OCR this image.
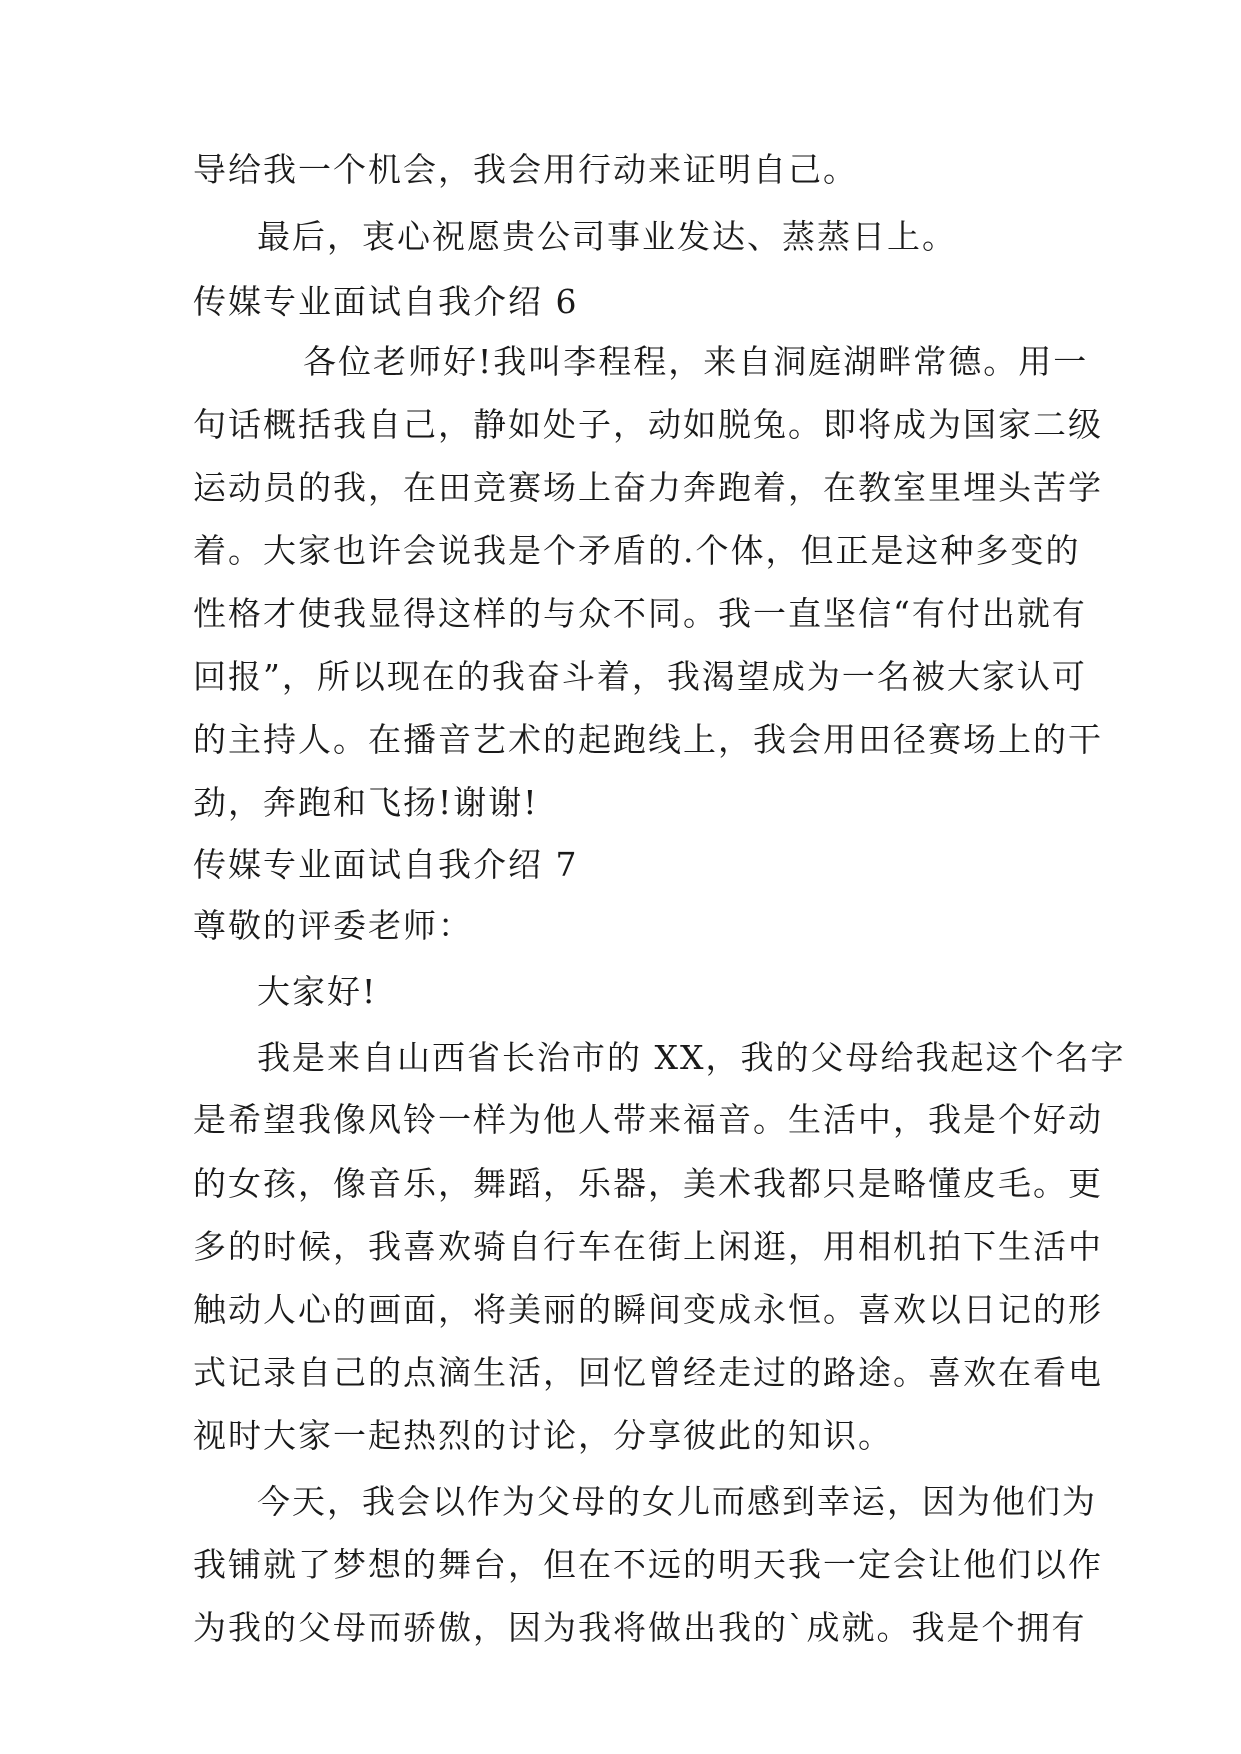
导给我一个机会，我会用行动来证明自己。
最后，衷心祝愿贵公司事业发达、蒸蒸日上。
传媒专业面试自我介绍 6
各位老师好!我叫李程程，来自洞庭湖畔常德。用一
句话概括我自己，静如处子，动如脱兔。即将成为国家二级
运动员的我，在田竞赛场上奋力奔跑着，在教室里埋头苦学
着。大家也许会说我是个矛盾的.个体，但正是这种多变的
性格才使我显得这样的与众不同。我一直坚信“有付出就有
回报”，所以现在的我奋斗着，我渴望成为一名被大家认可
的主持人。在播音艺术的起跑线上，我会用田径赛场上的干
劲，奔跑和飞扬!谢谢!
传媒专业面试自我介绍 7
尊敬的评委老师：
大家好!
我是来自山西省长治市的 XX，我的父母给我起这个名字
是希望我像风铃一样为他人带来福音。生活中，我是个好动
的女孩，像音乐，舞蹈，乐器，美术我都只是略懂皮毛。更
多的时候，我喜欢骑自行车在街上闲逛，用相机拍下生活中
触动人心的画面，将美丽的瞬间变成永恒。喜欢以日记的形
式记录自己的点滴生活，回忆曾经走过的路途。喜欢在看电
视时大家一起热烈的讨论，分享彼此的知识。
今天，我会以作为父母的女儿而感到幸运，因为他们为
我铺就了梦想的舞台，但在不远的明天我一定会让他们以作
为我的父母而骄傲，因为我将做出我的`成就。我是个拥有
